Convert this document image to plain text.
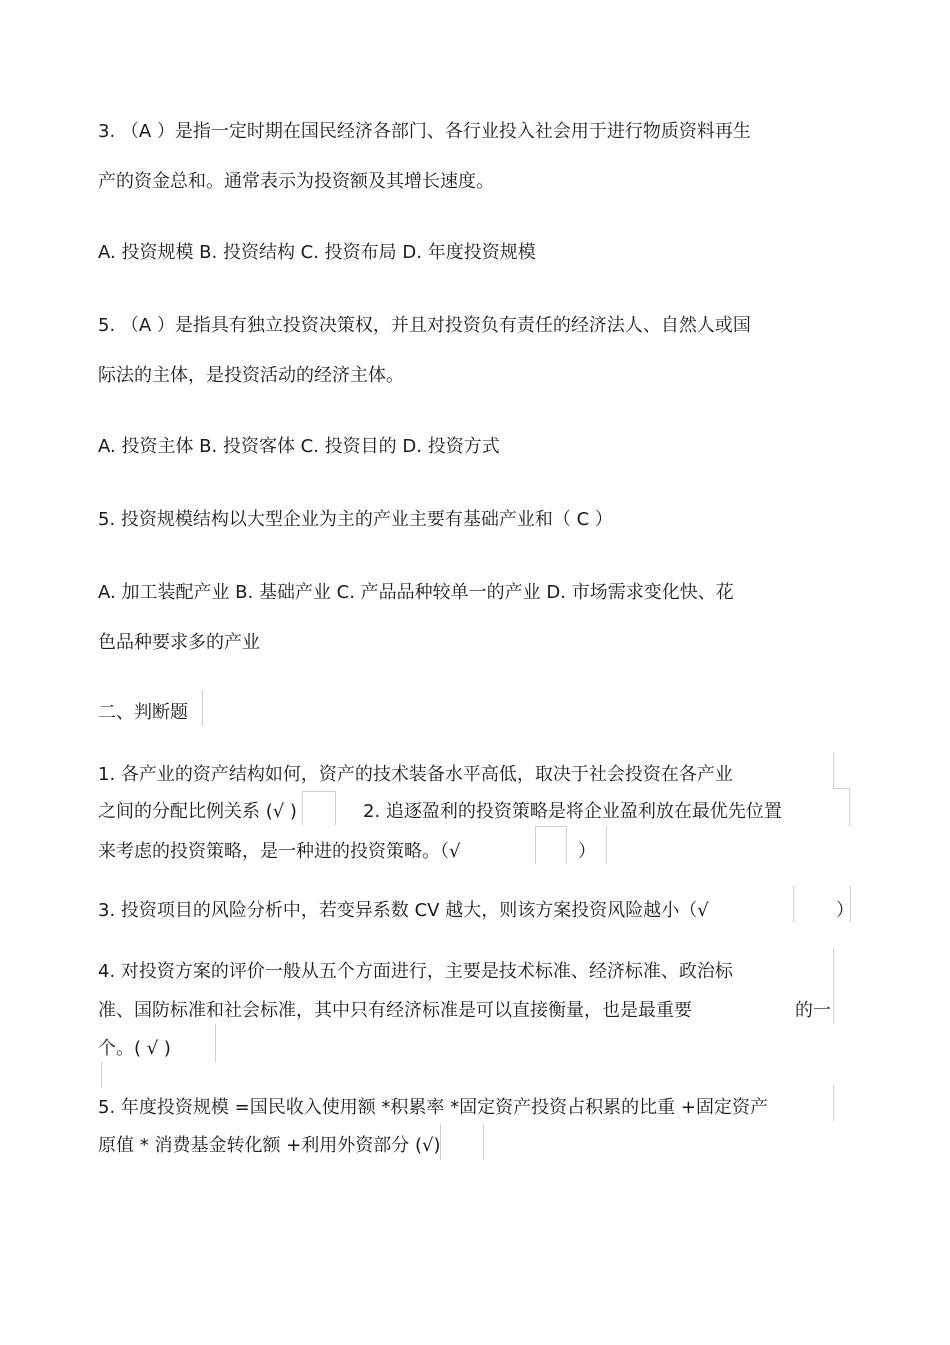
3. （A ）是指一定时期在国民经济各部门、各行业投入社会用于进行物质资料再生
产的资金总和。通常表示为投资额及其增长速度。
A. 投资规模 B. 投资结构 C. 投资布局 D. 年度投资规模
5. （A ）是指具有独立投资决策权，并且对投资负有责任的经济法人、自然人或国
际法的主体，是投资活动的经济主体。
A. 投资主体 B. 投资客体 C. 投资目的 D. 投资方式
5. 投资规模结构以大型企业为主的产业主要有基础产业和（ C ）
A. 加工装配产业 B. 基础产业 C. 产品品种较单一的产业 D. 市场需求变化快、花
色品种要求多的产业
二、判断题
1. 各产业的资产结构如何，资产的技术装备水平高低，取决于社会投资在各产业
之间的分配比例关系 (√ )	2. 追逐盈利的投资策略是将企业盈利放在最优先位置
来考虑的投资策略，是一种进的投资策略。（√	）
3. 投资项目的风险分析中，若变异系数 CV 越大，则该方案投资风险越小（√	）
4. 对投资方案的评价一般从五个方面进行，主要是技术标准、经济标准、政治标
准、国防标准和社会标准，其中只有经济标准是可以直接衡量，也是最重要	的一
个。( √ )
5. 年度投资规模 =国民收入使用额 *积累率 *固定资产投资占积累的比重 +固定资产
原值 * 消费基金转化额 +利用外资部分 (√)
